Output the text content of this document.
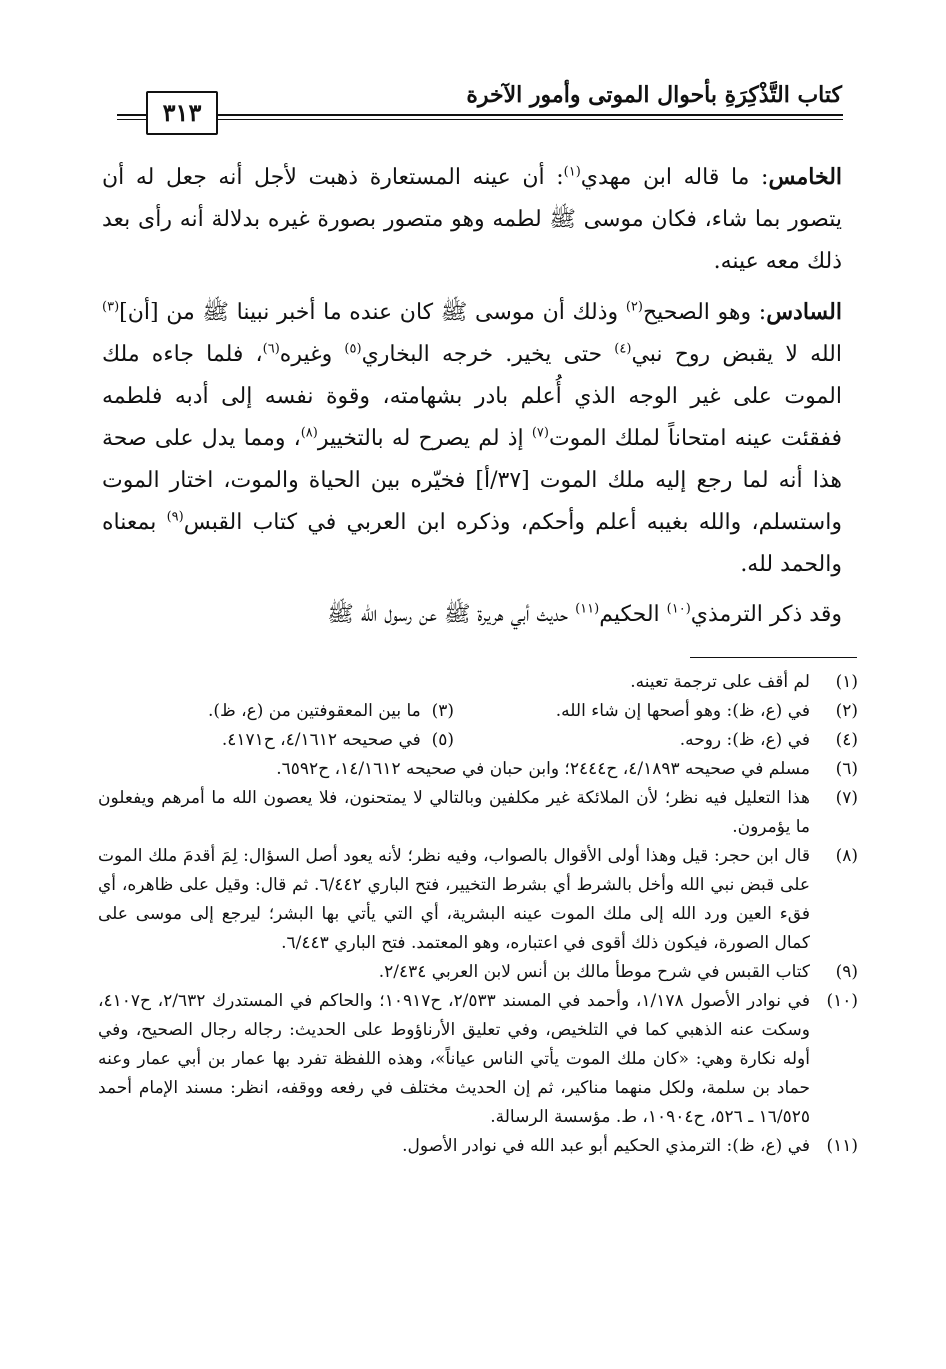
كتاب التَّذْكِرَةِ بأحوال الموتى وأمور الآخرة
٣١٣

الخامس: ما قاله ابن مهدي$^{(١)}$: أن عينه المستعارة ذهبت لأجل أنه جعل له أن يتصور بما شاء، فكان موسى ﷺ لطمه وهو متصور بصورة غيره بدلالة أنه رأى بعد ذلك معه عينه.

السادس: وهو الصحيح$^{(٢)}$ وذلك أن موسى ﷺ كان عنده ما أخبر نبينا ﷺ من [أن]$^{(٣)}$ الله لا يقبض روح نبي$^{(٤)}$ حتى يخير. خرجه البخاري$^{(٥)}$ وغيره$^{(٦)}$، فلما جاءه ملك الموت على غير الوجه الذي أُعلم بادر بشهامته، وقوة نفسه إلى أدبه فلطمه ففقئت عينه امتحاناً لملك الموت$^{(٧)}$ إذ لم يصرح له بالتخيير$^{(٨)}$، ومما يدل على صحة هذا أنه لما رجع إليه ملك الموت [٣٧/أ] فخيّره بين الحياة والموت، اختار الموت واستسلم، والله بغيبه أعلم وأحكم، وذكره ابن العربي في كتاب القبس$^{(٩)}$ بمعناه والحمد لله.

وقد ذكر الترمذي$^{(١٠)}$ الحكيم$^{(١١)}$ حديث أبي هريرة ﷺ عن رسول الله ﷺ

(١)
لم أقف على ترجمة تعينه.
(٢)
في (ع، ظ): وهو أصحها إن شاء الله.
(٣)  ما بين المعقوفتين من (ع، ظ).
(٤)
في (ع، ظ): روحه.
(٥)  في صحيحه ٤/١٦١٢، ح٤١٧١.
(٦)
مسلم في صحيحه ٤/١٨٩٣، ح٢٤٤٤؛ وابن حبان في صحيحه ١٤/١٦١٢، ح٦٥٩٢.
(٧)
هذا التعليل فيه نظر؛ لأن الملائكة غير مكلفين وبالتالي لا يمتحنون، فلا يعصون الله ما أمرهم ويفعلون ما يؤمرون.
(٨)
قال ابن حجر: قيل وهذا أولى الأقوال بالصواب، وفيه نظر؛ لأنه يعود أصل السؤال: لِمَ أقدمَ ملك الموت على قبض نبي الله وأخل بالشرط أي بشرط التخيير، فتح الباري ٦/٤٤٢. ثم قال: وقيل على ظاهره، أي فقء العين ورد الله إلى ملك الموت عينه البشرية، أي التي يأتي بها البشر؛ ليرجع إلى موسى على كمال الصورة، فيكون ذلك أقوى في اعتباره، وهو المعتمد. فتح الباري ٦/٤٤٣.
(٩)
كتاب القبس في شرح موطأ مالك بن أنس لابن العربي ٢/٤٣٤.
(١٠)
في نوادر الأصول ١/١٧٨، وأحمد في المسند ٢/٥٣٣، ح١٠٩١٧؛ والحاكم في المستدرك ٢/٦٣٢، ح٤١٠٧، وسكت عنه الذهبي كما في التلخيص، وفي تعليق الأرناؤوط على الحديث: رجاله رجال الصحيح، وفي أوله نكارة وهي: «كان ملك الموت يأتي الناس عياناً»، وهذه اللفظة تفرد بها عمار بن أبي عمار وعنه حماد بن سلمة، ولكل منهما مناكير، ثم إن الحديث مختلف في رفعه ووقفه، انظر: مسند الإمام أحمد ١٦/٥٢٥ ـ ٥٢٦، ح١٠٩٠٤، ط. مؤسسة الرسالة.
(١١)
في (ع، ظ): الترمذي الحكيم أبو عبد الله في نوادر الأصول.
